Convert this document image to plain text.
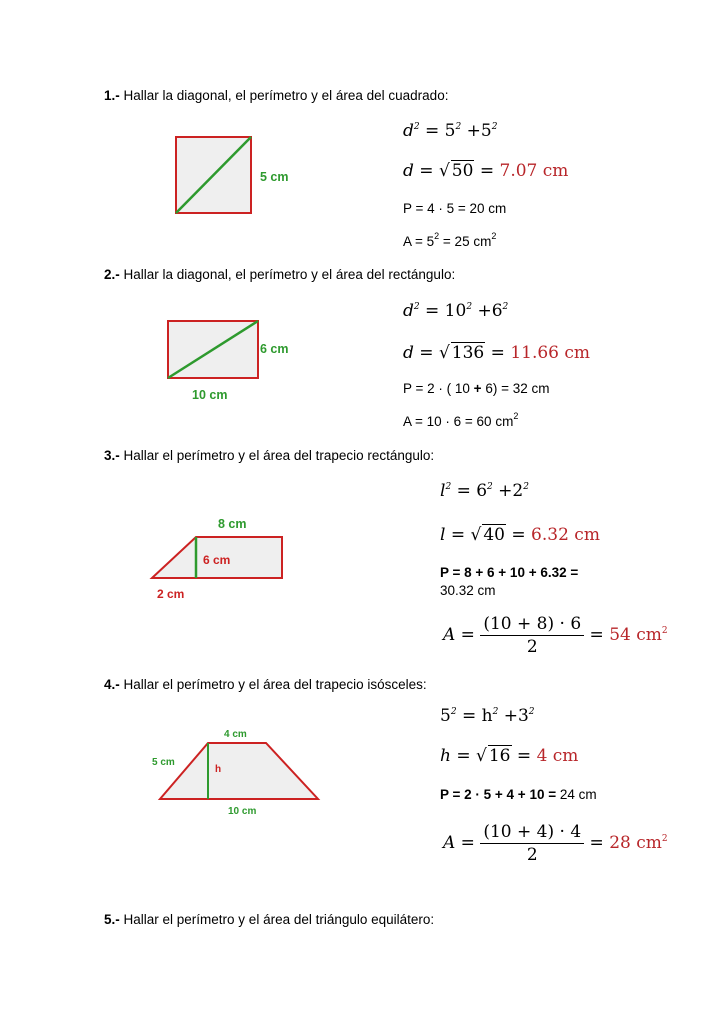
1.- Hallar la diagonal, el perímetro y el área del cuadrado:
5 cm
$d^2 = 5^2 +5^2$
d = √ 50 = 7.07 cm
P = 4 · 5 = 20 cm
$A = 5^2 = 25$ $cm^2$
2.- Hallar la diagonal, el perímetro y el área del rectángulo:
6 cm
10 cm
$d^2 = 10^2 +6^2$
d = √ 136 = 11.66 cm
P = 2 · ( 10 + 6) = 32 cm
A = 10 · 6 = 60 $cm^2$
3.- Hallar el perímetro y el área del trapecio rectángulo:
8 cm
6 cm
2 cm
$l^2 = 6^2 +2^2$
l = √ 40 = 6.32 cm
P = 8 + 6 + 10 + 6.32 =
30.32 cm
$A = \frac{(10 + 8) \cdot 6}{2} = 54$ $cm^2$
4.- Hallar el perímetro y el área del trapecio isósceles:
4 cm
5 cm
h
10 cm
$5^2 = h^2 +3^2$
h = √ 16 = 4 cm
P = 2 · 5 + 4 + 10 = 24 cm
$A = \frac{(10 + 4) \cdot 4}{2} = 28$ $cm^2$
5.- Hallar el perímetro y el área del triángulo equilátero:
